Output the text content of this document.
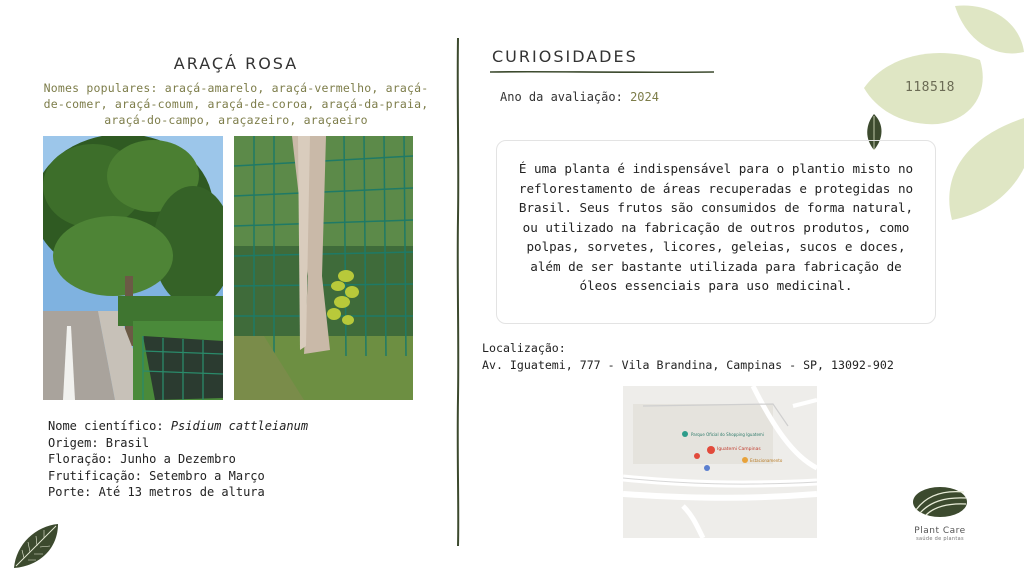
ARAÇÁ ROSA
Nomes populares: araçá-amarelo, araçá-vermelho, araçá-de-comer, araçá-comum, araçá-de-coroa, araçá-da-praia, araçá-do-campo, araçazeiro, araçaeiro
Nome científico: Psidium cattleianum
Origem: Brasil
Floração: Junho a Dezembro
Frutificação: Setembro a Março
Porte: Até 13 metros de altura
CURIOSIDADES
Ano da avaliação: 2024
118518
É uma planta é indispensável para o plantio misto no reflorestamento de áreas recuperadas e protegidas no Brasil. Seus frutos são consumidos de forma natural, ou utilizado na fabricação de outros produtos, como polpas, sorvetes, licores, geleias, sucos e doces, além de ser bastante utilizada para fabricação de óleos essenciais para uso medicinal.
Localização:
Av. Iguatemi, 777 - Vila Brandina, Campinas - SP, 13092-902
Parque Oficial do Shopping Iguatemi
Iguatemi Campinas
Estacionamento
Plant Care
saúde de plantas
